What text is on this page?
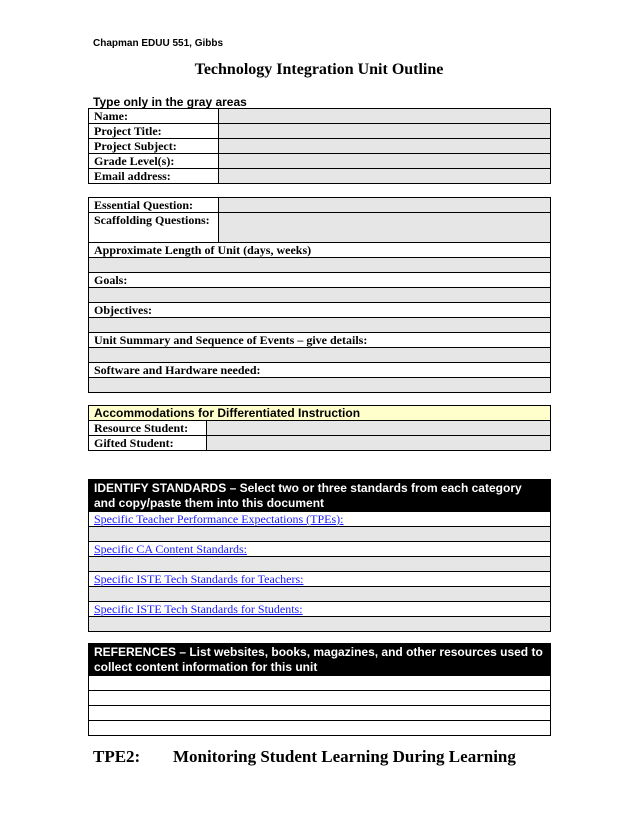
Chapman EDUU 551, Gibbs
Technology Integration Unit Outline
Type only in the gray areas
Name:	
Project Title:	
Project Subject:	
Grade Level(s):	
Email address:	
Essential Question:	
Scaffolding Questions:	
Approximate Length of Unit (days, weeks)	

Goals:	

Objectives:	

Unit Summary and Sequence of Events – give details:	

Software and Hardware needed:	

Accommodations for Differentiated Instruction	
Resource Student:	
Gifted Student:	
IDENTIFY STANDARDS – Select two or three standards from each category and copy/paste them into this document
Specific Teacher Performance Expectations (TPEs):

Specific CA Content Standards:

Specific ISTE Tech Standards for Teachers:

Specific ISTE Tech Standards for Students:

REFERENCES – List websites, books, magazines, and other resources used to collect content information for this unit

TPE2: Monitoring Student Learning During Learning
